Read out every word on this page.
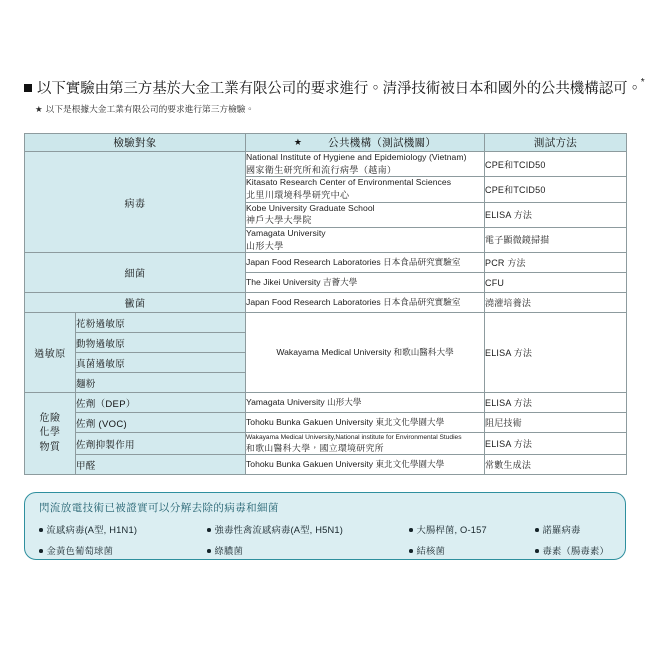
以下實驗由第三方基於大金工業有限公司的要求進行。清淨技術被日本和國外的公共機構認可。*
★ 以下是根據大金工業有限公司的要求進行第三方檢驗。
檢驗對象		★ 公共機構（測試機關）	測試方法
病毒		National Institute of Hygiene and Epidemiology (Vietnam)
國家衛生研究所和流行病學（越南）	CPE和TCID50

		Kitasato Research Center of Environmental Sciences
北里川環境科學研究中心	CPE和TCID50

		Kobe University Graduate School
神戶大學大學院	ELISA 方法

		Yamagata University
山形大學	電子顯微鏡掃描
細菌		Japan Food Research Laboratories 日本食品研究實驗室	PCR 方法
		The Jikei University 吉薈大學	CFU
黴菌		Japan Food Research Laboratories 日本食品研究實驗室	澆灌培養法
過敏原	花粉過敏原	Wakayama Medical University 和歌山醫科大學	ELISA 方法
	動物過敏原		
	真菌過敏原		
	麵粉		

危險
化學
物質	佐劑（DEP）	Yamagata University 山形大學	ELISA 方法
	佐劑 (VOC)	Tohoku Bunka Gakuen University 東北文化學園大學	阻尼技術
	佐劑抑製作用	Wakayama Medical University,National institute for Environmental Studies
和歌山醫科大學，國立環境研究所	ELISA 方法
	甲醛	Tohoku Bunka Gakuen University 東北文化學園大學	常數生成法
閃流放電技術已被證實可以分解去除的病毒和細菌
流感病毒(A型, H1N1)	強毒性禽流感病毒(A型, H5N1)	大腸桿菌, O-157	諾羅病毒
金黃色葡萄球菌	綠膿菌	結核菌	毒素（腸毒素）
